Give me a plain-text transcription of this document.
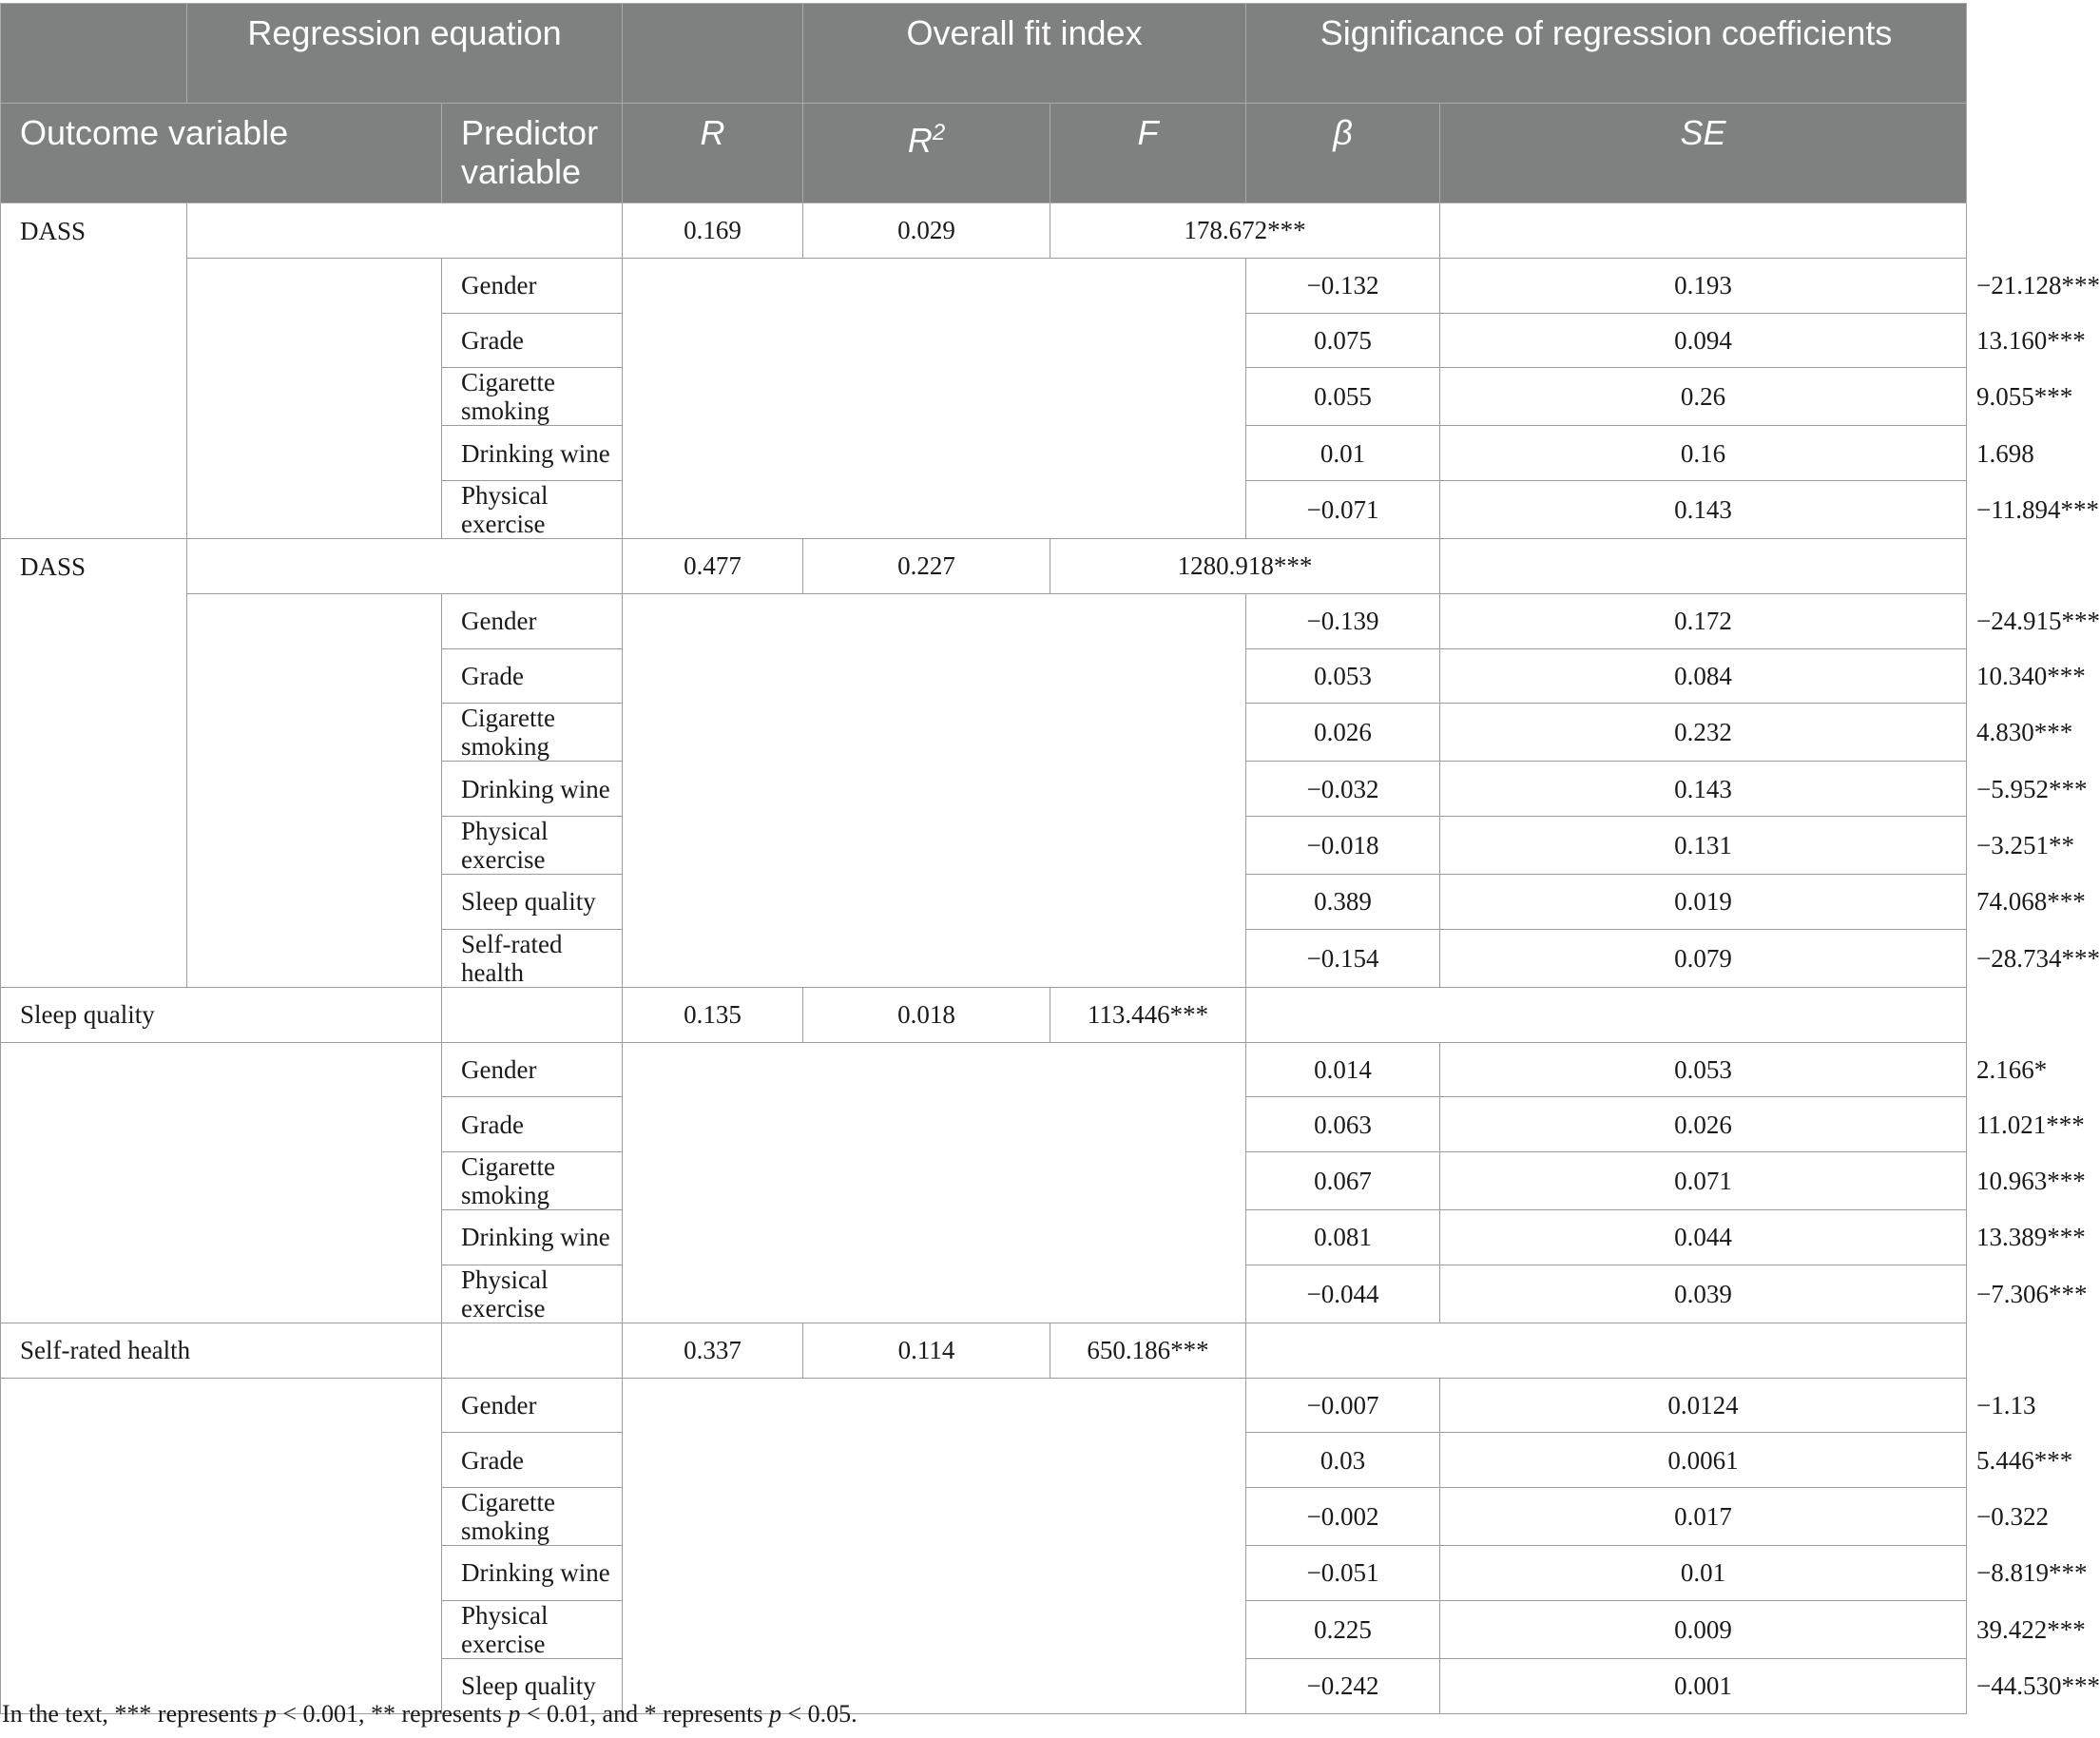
	Regression equation			Overall fit index		Significance of regression coefficients		
Outcome variable		Predictor variable	R	$R^2$	F	β	SE	t
DASS			0.169	0.029	178.672***			
		Gender				−0.132	0.193	−21.128***
		Grade				0.075	0.094	13.160***
		Cigarette smoking				0.055	0.26	9.055***
		Drinking wine				0.01	0.16	1.698
		Physical exercise				−0.071	0.143	−11.894***
DASS			0.477	0.227	1280.918***			
		Gender				−0.139	0.172	−24.915***
		Grade				0.053	0.084	10.340***
		Cigarette smoking				0.026	0.232	4.830***
		Drinking wine				−0.032	0.143	−5.952***
		Physical exercise				−0.018	0.131	−3.251**
		Sleep quality				0.389	0.019	74.068***
		Self-rated health				−0.154	0.079	−28.734***
Sleep quality			0.135	0.018	113.446***			
		Gender				0.014	0.053	2.166*
		Grade				0.063	0.026	11.021***
		Cigarette smoking				0.067	0.071	10.963***
		Drinking wine				0.081	0.044	13.389***
		Physical exercise				−0.044	0.039	−7.306***
Self-rated health			0.337	0.114	650.186***			
		Gender				−0.007	0.0124	−1.13
		Grade				0.03	0.0061	5.446***
		Cigarette smoking				−0.002	0.017	−0.322
		Drinking wine				−0.051	0.01	−8.819***
		Physical exercise				0.225	0.009	39.422***
		Sleep quality				−0.242	0.001	−44.530***
In the text, *** represents p < 0.001, ** represents p < 0.01, and * represents p < 0.05.
